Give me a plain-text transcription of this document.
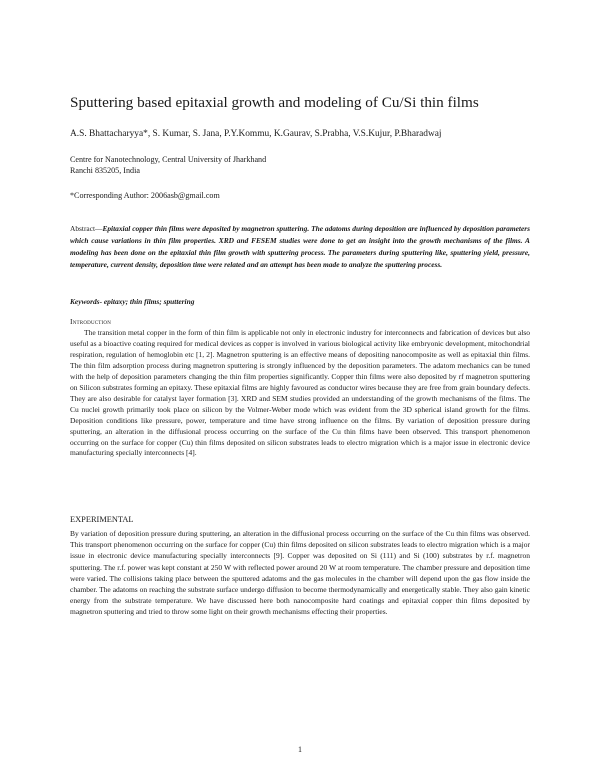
Sputtering based epitaxial growth and modeling of Cu/Si thin films
A.S. Bhattacharyya*, S. Kumar, S. Jana, P.Y.Kommu, K.Gaurav, S.Prabha, V.S.Kujur, P.Bharadwaj
Centre for Nanotechnology, Central University of Jharkhand
Ranchi 835205, India
*Corresponding Author: 2006asb@gmail.com
Abstract—Epitaxial copper thin films were deposited by magnetron sputtering. The adatoms during deposition are influenced by deposition parameters which cause variations in thin film properties. XRD and FESEM studies were done to get an insight into the growth mechanisms of the films. A modeling has been done on the epitaxial thin film growth with sputtering process. The parameters during sputtering like, sputtering yield, pressure, temperature, current density, deposition time were related and an attempt has been made to analyze the sputtering process.
Keywords- epitaxy; thin films; sputtering
Introduction

The transition metal copper in the form of thin film is applicable not only in electronic industry for interconnects and fabrication of devices but also useful as a bioactive coating required for medical devices as copper is involved in various biological activity like embryonic development, mitochondrial respiration, regulation of hemoglobin etc [1, 2]. Magnetron sputtering is an effective means of depositing nanocomposite as well as epitaxial thin films. The thin film adsorption process during magnetron sputtering is strongly influenced by the deposition parameters. The adatom mechanics can be tuned with the help of deposition parameters changing the thin film properties significantly. Copper thin films were also deposited by rf magnetron sputtering on Silicon substrates forming an epitaxy. These epitaxial films are highly favoured as conductor wires because they are free from grain boundary defects. They are also desirable for catalyst layer formation [3]. XRD and SEM studies provided an understanding of the growth mechanisms of the films. The Cu nuclei growth primarily took place on silicon by the Volmer-Weber mode which was evident from the 3D spherical island growth for the films. Deposition conditions like pressure, power, temperature and time have strong influence on the films. By variation of deposition pressure during sputtering, an alteration in the diffusional process occurring on the surface of the Cu thin films have been observed. This transport phenomenon occurring on the surface for copper (Cu) thin films deposited on silicon substrates leads to electro migration which is a major issue in electronic device manufacturing specially interconnects [4].

EXPERIMENTAL

By variation of deposition pressure during sputtering, an alteration in the diffusional process occurring on the surface of the Cu thin films was observed. This transport phenomenon occurring on the surface for copper (Cu) thin films deposited on silicon substrates leads to electro migration which is a major issue in electronic device manufacturing specially interconnects [9]. Copper was deposited on Si (111) and Si (100) substrates by r.f. magnetron sputtering. The r.f. power was kept constant at 250 W with reflected power around 20 W at room temperature. The chamber pressure and deposition time were varied. The collisions taking place between the sputtered adatoms and the gas molecules in the chamber will depend upon the gas flow inside the chamber. The adatoms on reaching the substrate surface undergo diffusion to become thermodynamically and energetically stable. They also gain kinetic energy from the substrate temperature. We have discussed here both nanocomposite hard coatings and epitaxial copper thin films deposited by magnetron sputtering and tried to throw some light on their growth mechanisms effecting their properties.

1
